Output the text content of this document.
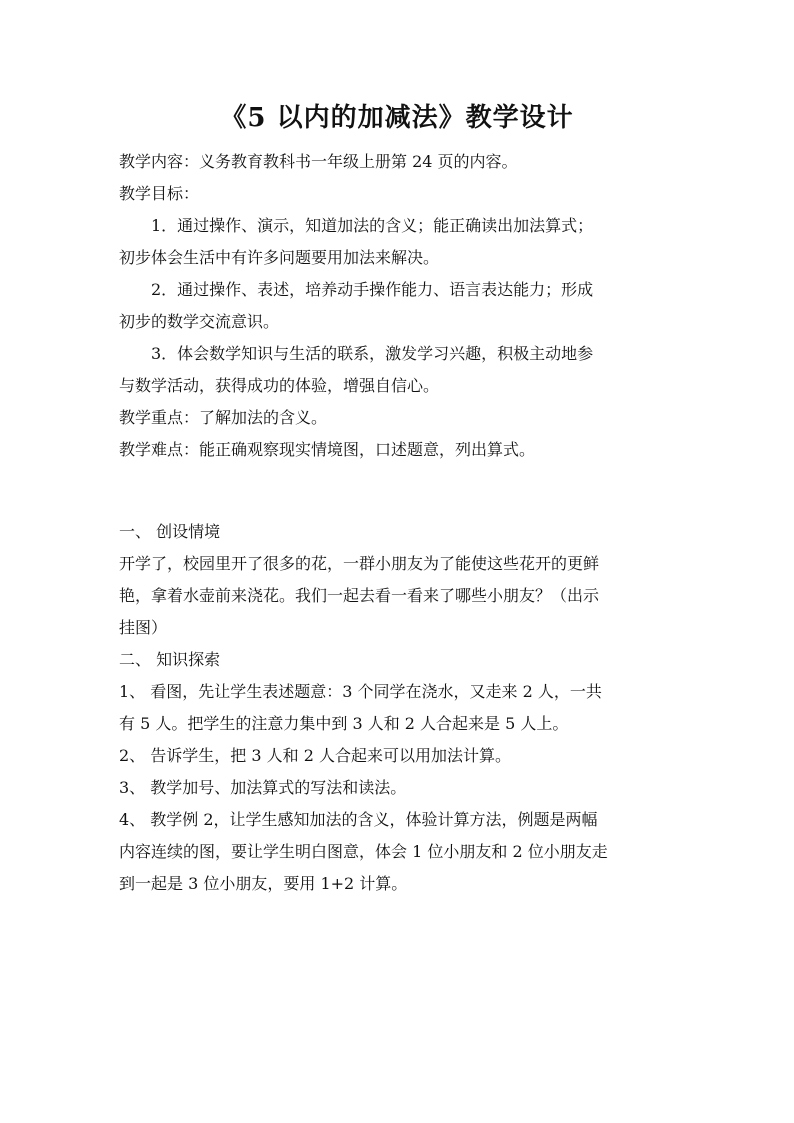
《5 以内的加减法》教学设计
教学内容：义务教育教科书一年级上册第 24 页的内容。
教学目标：
1．通过操作、演示，知道加法的含义；能正确读出加法算式；
初步体会生活中有许多问题要用加法来解决。
2．通过操作、表述，培养动手操作能力、语言表达能力；形成
初步的数学交流意识。
3．体会数学知识与生活的联系，激发学习兴趣，积极主动地参
与数学活动，获得成功的体验，增强自信心。
教学重点：了解加法的含义。
教学难点：能正确观察现实情境图，口述题意，列出算式。
一、 创设情境
开学了，校园里开了很多的花，一群小朋友为了能使这些花开的更鲜
艳，拿着水壶前来浇花。我们一起去看一看来了哪些小朋友？（出示
挂图）
二、 知识探索
1、 看图，先让学生表述题意：3 个同学在浇水，又走来 2 人，一共
有 5 人。把学生的注意力集中到 3 人和 2 人合起来是 5 人上。
2、 告诉学生，把 3 人和 2 人合起来可以用加法计算。
3、 教学加号、加法算式的写法和读法。
4、 教学例 2，让学生感知加法的含义，体验计算方法，例题是两幅
内容连续的图，要让学生明白图意，体会 1 位小朋友和 2 位小朋友走
到一起是 3 位小朋友，要用 1+2 计算。
